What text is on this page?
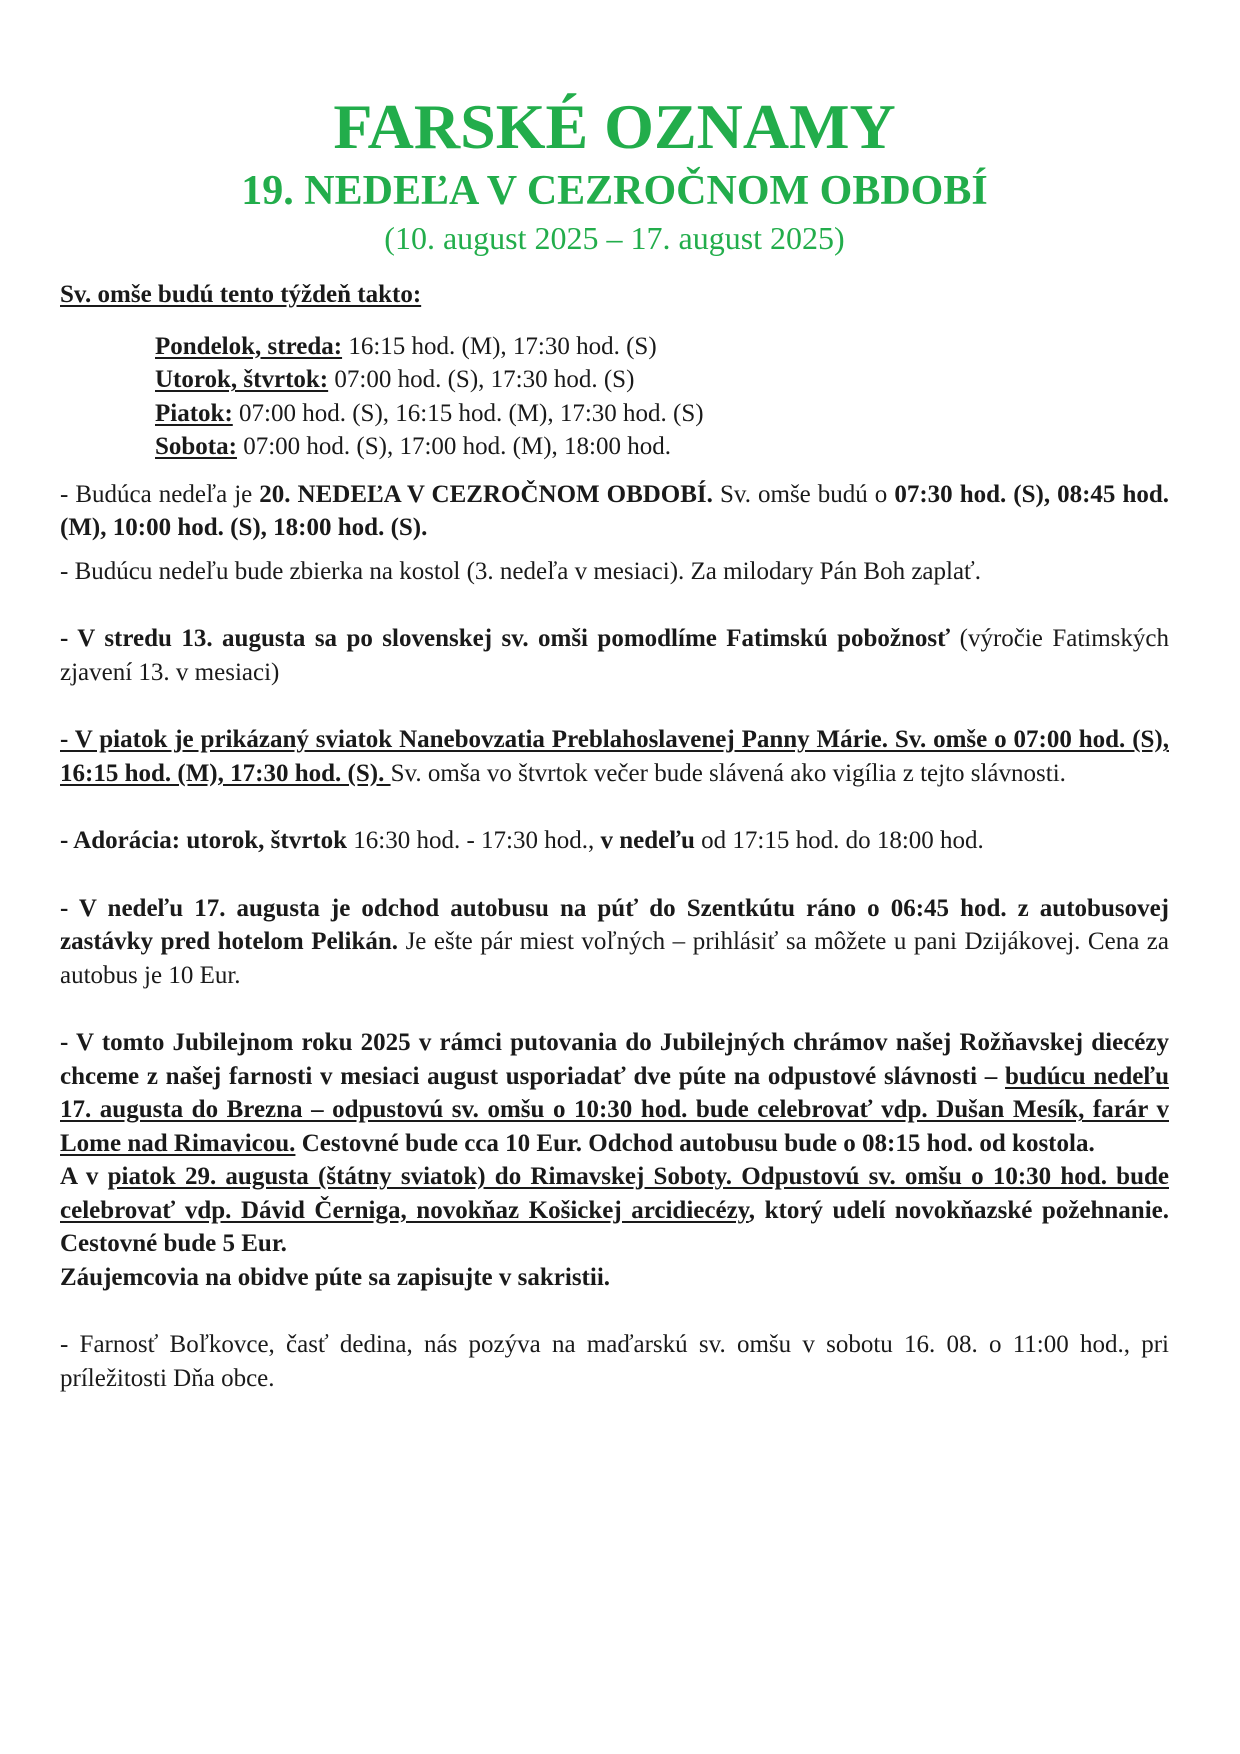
FARSKÉ OZNAMY
19. NEDEĽA V CEZROČNOM OBDOBÍ
(10. august 2025 – 17. august 2025)

Sv. omše budú tento týždeň takto:

Pondelok, streda: 16:15 hod. (M), 17:30 hod. (S)

Utorok, štvrtok: 07:00 hod. (S), 17:30 hod. (S)

Piatok: 07:00 hod. (S), 16:15 hod. (M), 17:30 hod. (S)

Sobota: 07:00 hod. (S), 17:00 hod. (M), 18:00 hod.

- Budúca nedeľa je 20. NEDEĽA V CEZROČNOM OBDOBÍ. Sv. omše budú o 07:30 hod. (S), 08:45 hod. (M), 10:00 hod. (S), 18:00 hod. (S).

- Budúcu nedeľu bude zbierka na kostol (3. nedeľa v mesiaci). Za milodary Pán Boh zaplať.

- V stredu 13. augusta sa po slovenskej sv. omši pomodlíme Fatimskú pobožnosť (výročie Fatimských zjavení 13. v mesiaci)

- V piatok je prikázaný sviatok Nanebovzatia Preblahoslavenej Panny Márie. Sv. omše o 07:00 hod. (S), 16:15 hod. (M), 17:30 hod. (S). Sv. omša vo štvrtok večer bude slávená ako vigília z tejto slávnosti.

- Adorácia: utorok, štvrtok 16:30 hod. - 17:30 hod., v nedeľu od 17:15 hod. do 18:00 hod.

- V nedeľu 17. augusta je odchod autobusu na púť do Szentkútu ráno o 06:45 hod. z autobusovej zastávky pred hotelom Pelikán. Je ešte pár miest voľných – prihlásiť sa môžete u pani Dzijákovej. Cena za autobus je 10 Eur.

- V tomto Jubilejnom roku 2025 v rámci putovania do Jubilejných chrámov našej Rožňavskej diecézy chceme z našej farnosti v mesiaci august usporiadať dve púte na odpustové slávnosti – budúcu nedeľu 17. augusta do Brezna – odpustovú sv. omšu o 10:30 hod. bude celebrovať vdp. Dušan Mesík, farár v Lome nad Rimavicou. Cestovné bude cca 10 Eur. Odchod autobusu bude o 08:15 hod. od kostola.
A v piatok 29. augusta (štátny sviatok) do Rimavskej Soboty. Odpustovú sv. omšu o 10:30 hod. bude celebrovať vdp. Dávid Černiga, novokňaz Košickej arcidiecézy, ktorý udelí novokňazské požehnanie. Cestovné bude 5 Eur.
Záujemcovia na obidve púte sa zapisujte v sakristii.

- Farnosť Boľkovce, časť dedina, nás pozýva na maďarskú sv. omšu v sobotu 16. 08. o 11:00 hod., pri príležitosti Dňa obce.
